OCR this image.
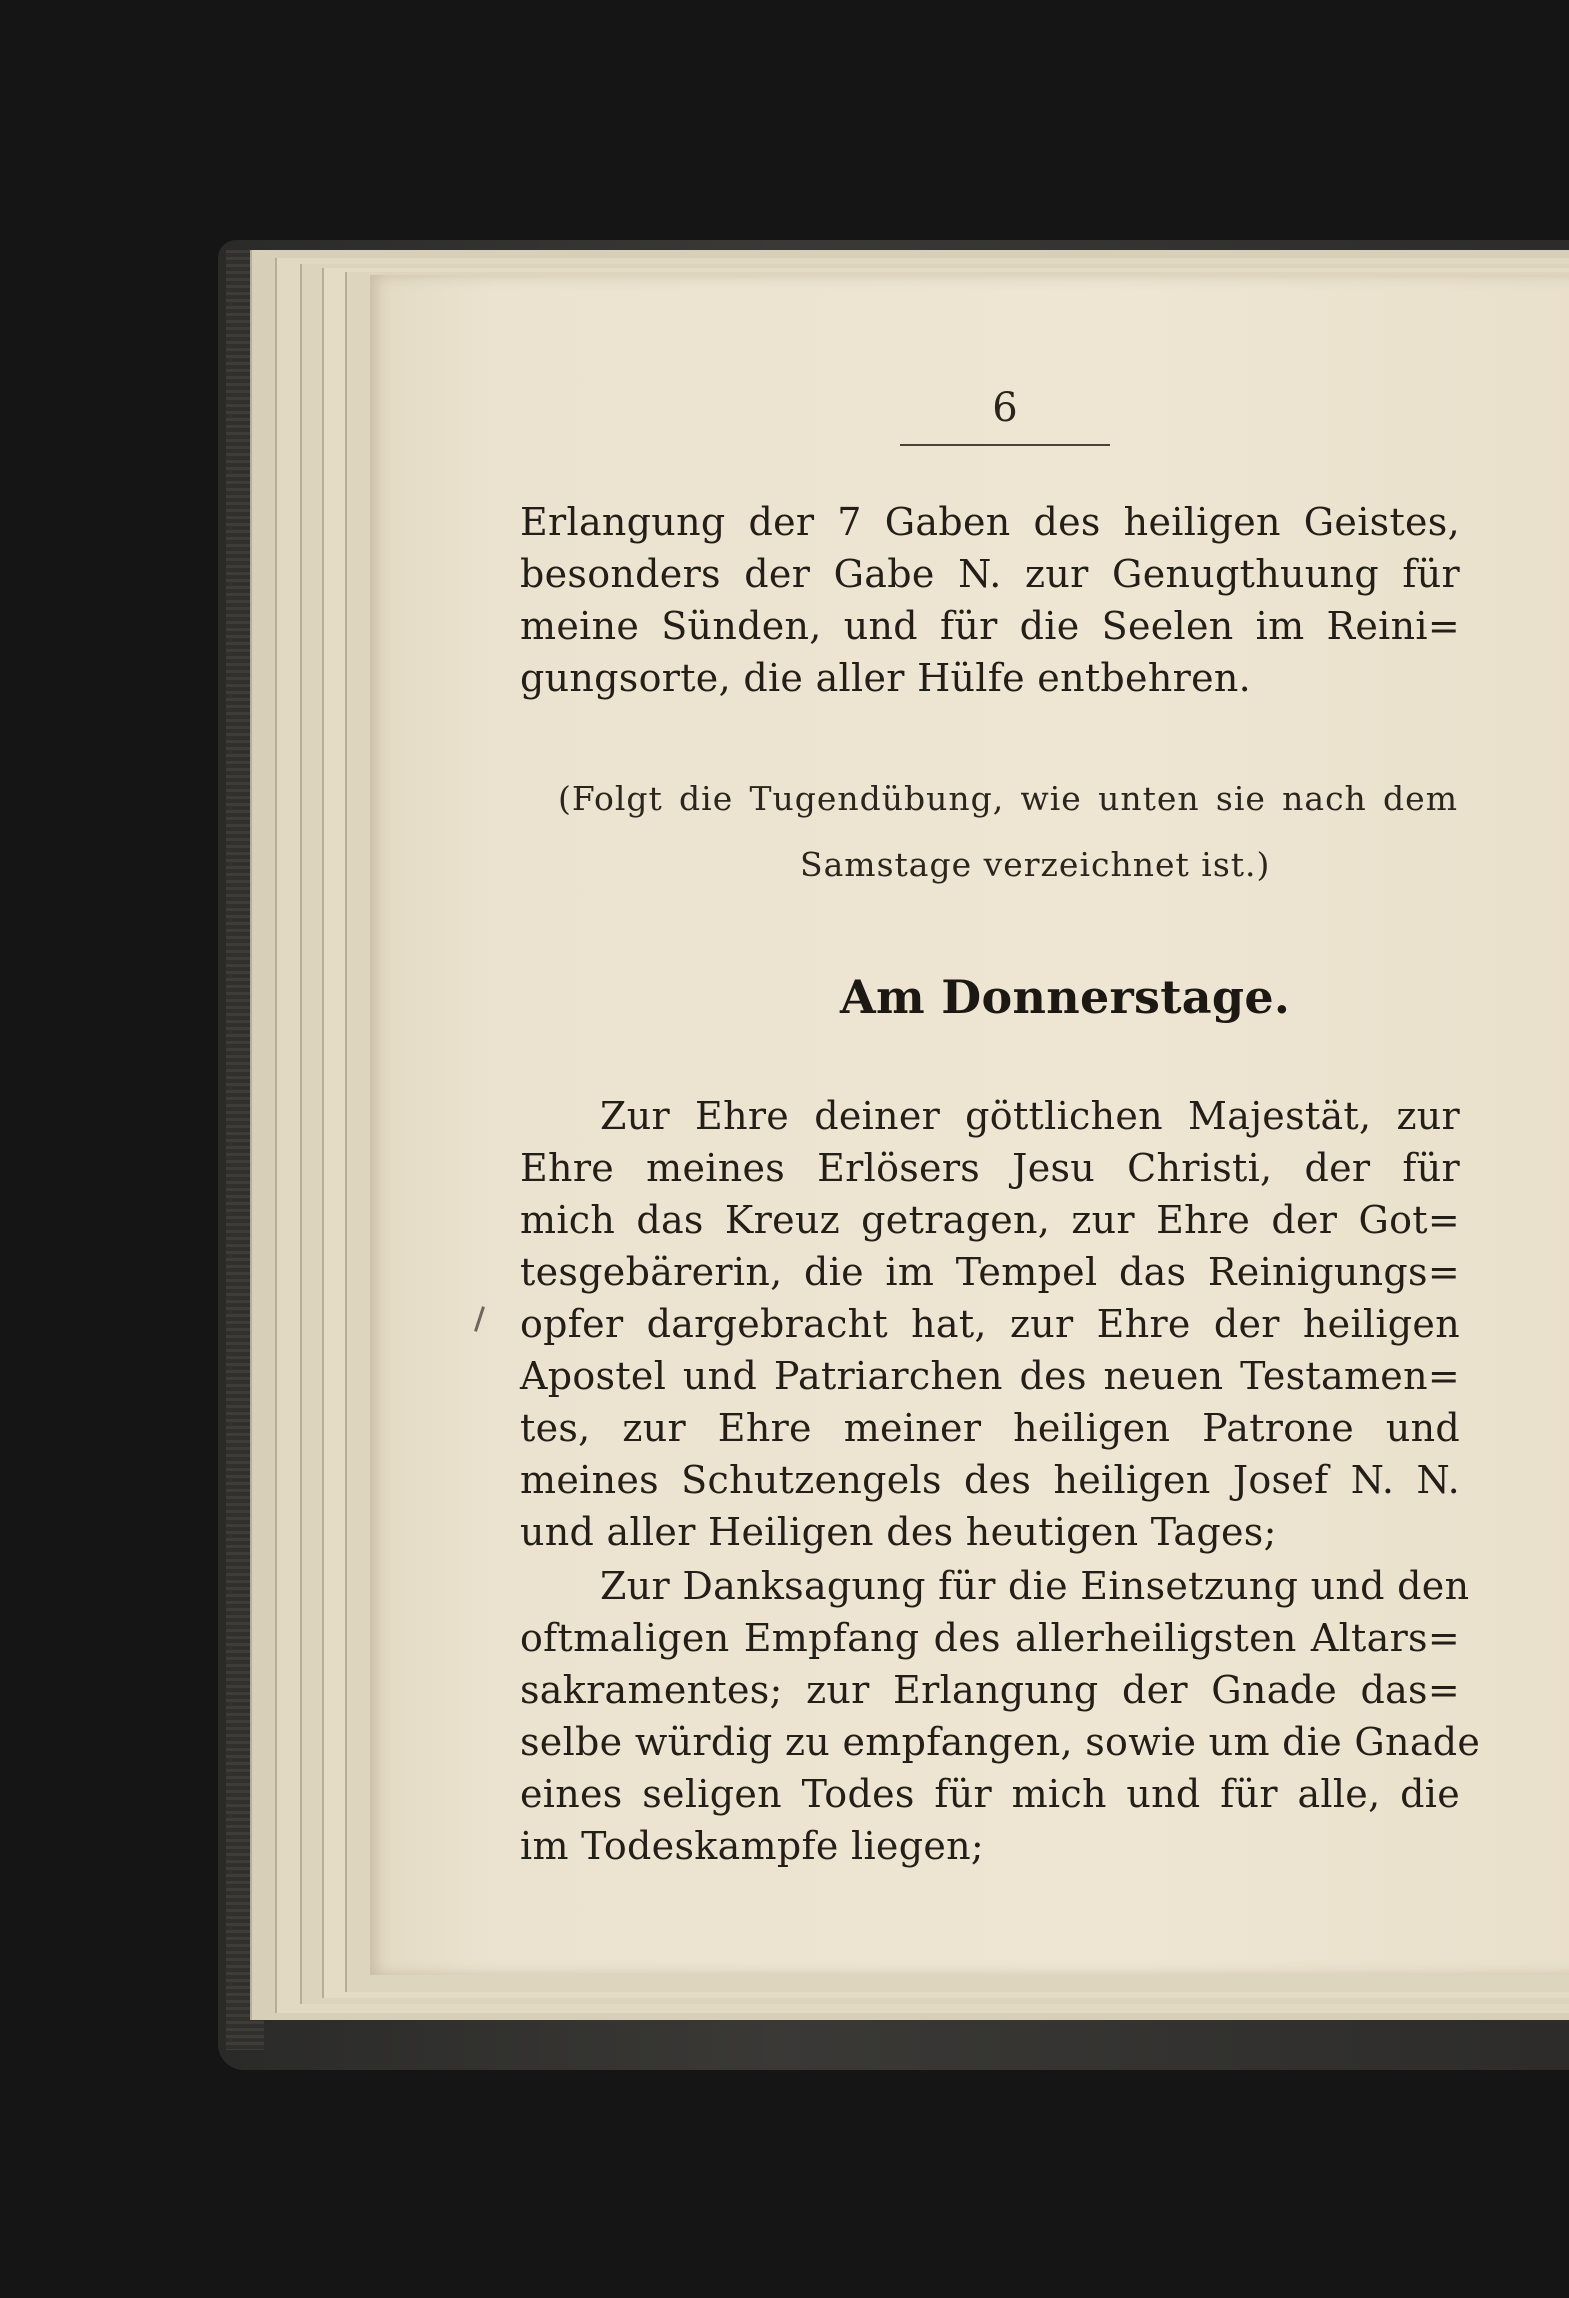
6
Erlangung der 7 Gaben des heiligen Geistes,
besonders der Gabe N. zur Genugthuung für
meine Sünden, und für die Seelen im Reini=
gungsorte, die aller Hülfe entbehren.
(Folgt die Tugendübung, wie unten sie nach dem
Samstage verzeichnet ist.)
Am Donnerstage.
Zur Ehre deiner göttlichen Majestät, zur
Ehre meines Erlösers Jesu Christi, der für
mich das Kreuz getragen, zur Ehre der Got=
tesgebärerin, die im Tempel das Reinigungs=
opfer dargebracht hat, zur Ehre der heiligen
Apostel und Patriarchen des neuen Testamen=
tes, zur Ehre meiner heiligen Patrone und
meines Schutzengels des heiligen Josef N. N.
und aller Heiligen des heutigen Tages;
Zur Danksagung für die Einsetzung und den
oftmaligen Empfang des allerheiligsten Altars=
sakramentes; zur Erlangung der Gnade das=
selbe würdig zu empfangen, sowie um die Gnade
eines seligen Todes für mich und für alle, die
im Todeskampfe liegen;
